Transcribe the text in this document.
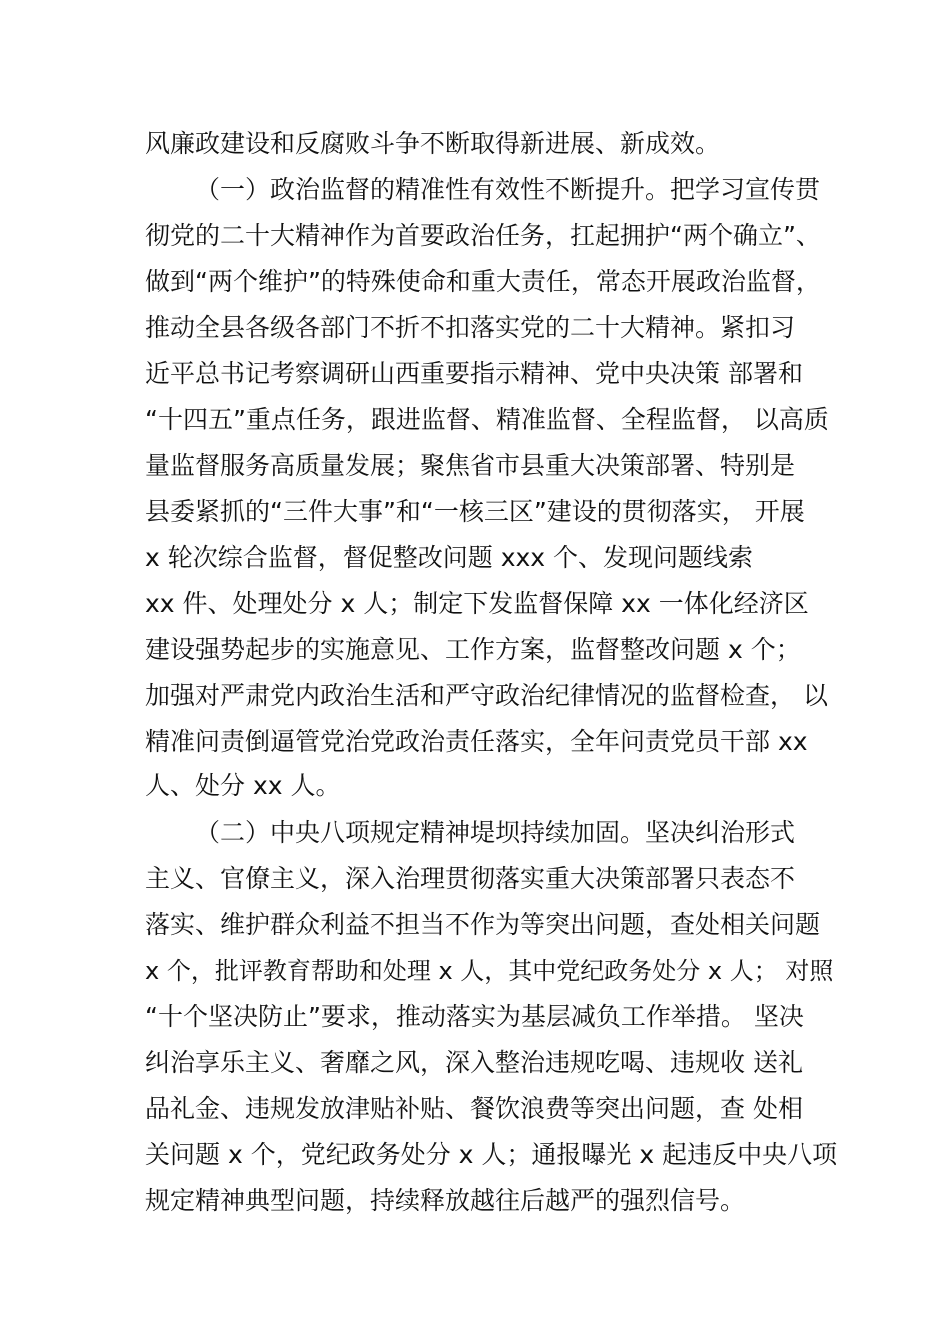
风廉政建设和反腐败斗争不断取得新进展、新成效。
（一）政治监督的精准性有效性不断提升。把学习宣传贯
彻党的二十大精神作为首要政治任务，扛起拥护“两个确立”、
做到“两个维护”的特殊使命和重大责任，常态开展政治监督，
推动全县各级各部门不折不扣落实党的二十大精神。紧扣习
近平总书记考察调研山西重要指示精神、党中央决策 部署和
“十四五”重点任务，跟进监督、精准监督、全程监督， 以高质
量监督服务高质量发展；聚焦省市县重大决策部署、特别是
县委紧抓的“三件大事”和“一核三区”建设的贯彻落实， 开展
x 轮次综合监督，督促整改问题 xxx 个、发现问题线索
xx 件、处理处分 x 人；制定下发监督保障 xx 一体化经济区
建设强势起步的实施意见、工作方案，监督整改问题 x 个；
加强对严肃党内政治生活和严守政治纪律情况的监督检查， 以
精准问责倒逼管党治党政治责任落实，全年问责党员干部 xx
人、处分 xx 人。
（二）中央八项规定精神堤坝持续加固。坚决纠治形式
主义、官僚主义，深入治理贯彻落实重大决策部署只表态不
落实、维护群众利益不担当不作为等突出问题，查处相关问题
x 个，批评教育帮助和处理 x 人，其中党纪政务处分 x 人； 对照
“十个坚决防止”要求，推动落实为基层减负工作举措。 坚决
纠治享乐主义、奢靡之风，深入整治违规吃喝、违规收 送礼
品礼金、违规发放津贴补贴、餐饮浪费等突出问题，查 处相
关问题 x 个，党纪政务处分 x 人；通报曝光 x 起违反中央八项
规定精神典型问题，持续释放越往后越严的强烈信号。
